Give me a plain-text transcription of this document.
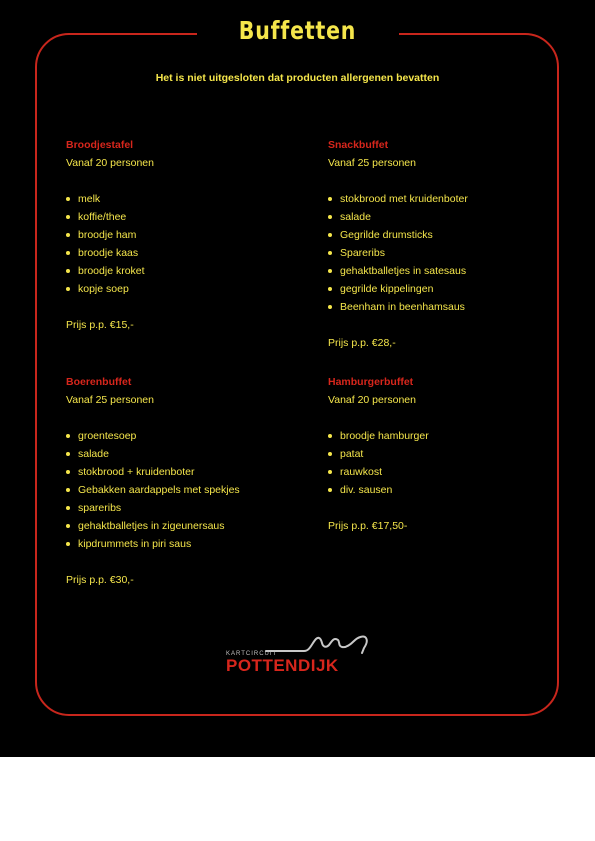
Buffetten
Het is niet uitgesloten dat producten allergenen bevatten
Broodjestafel
Vanaf 20 personen
melk
koffie/thee
broodje ham
broodje kaas
broodje kroket
kopje soep
Prijs p.p. €15,-
Snackbuffet
Vanaf 25 personen
stokbrood met kruidenboter
salade
Gegrilde drumsticks
Spareribs
gehaktballetjes in satesaus
gegrilde kippelingen
Beenham in beenhamsaus
Prijs p.p. €28,-
Boerenbuffet
Vanaf 25 personen
groentesoep
salade
stokbrood + kruidenboter
Gebakken aardappels met spekjes
spareribs
gehaktballetjes in zigeunersaus
kipdrummets in piri saus
Prijs p.p. €30,-
Hamburgerbuffet
Vanaf 20 personen
broodje hamburger
patat
rauwkost
div. sausen
Prijs p.p. €17,50-
KARTCIRCUIT
POTTENDIJK
